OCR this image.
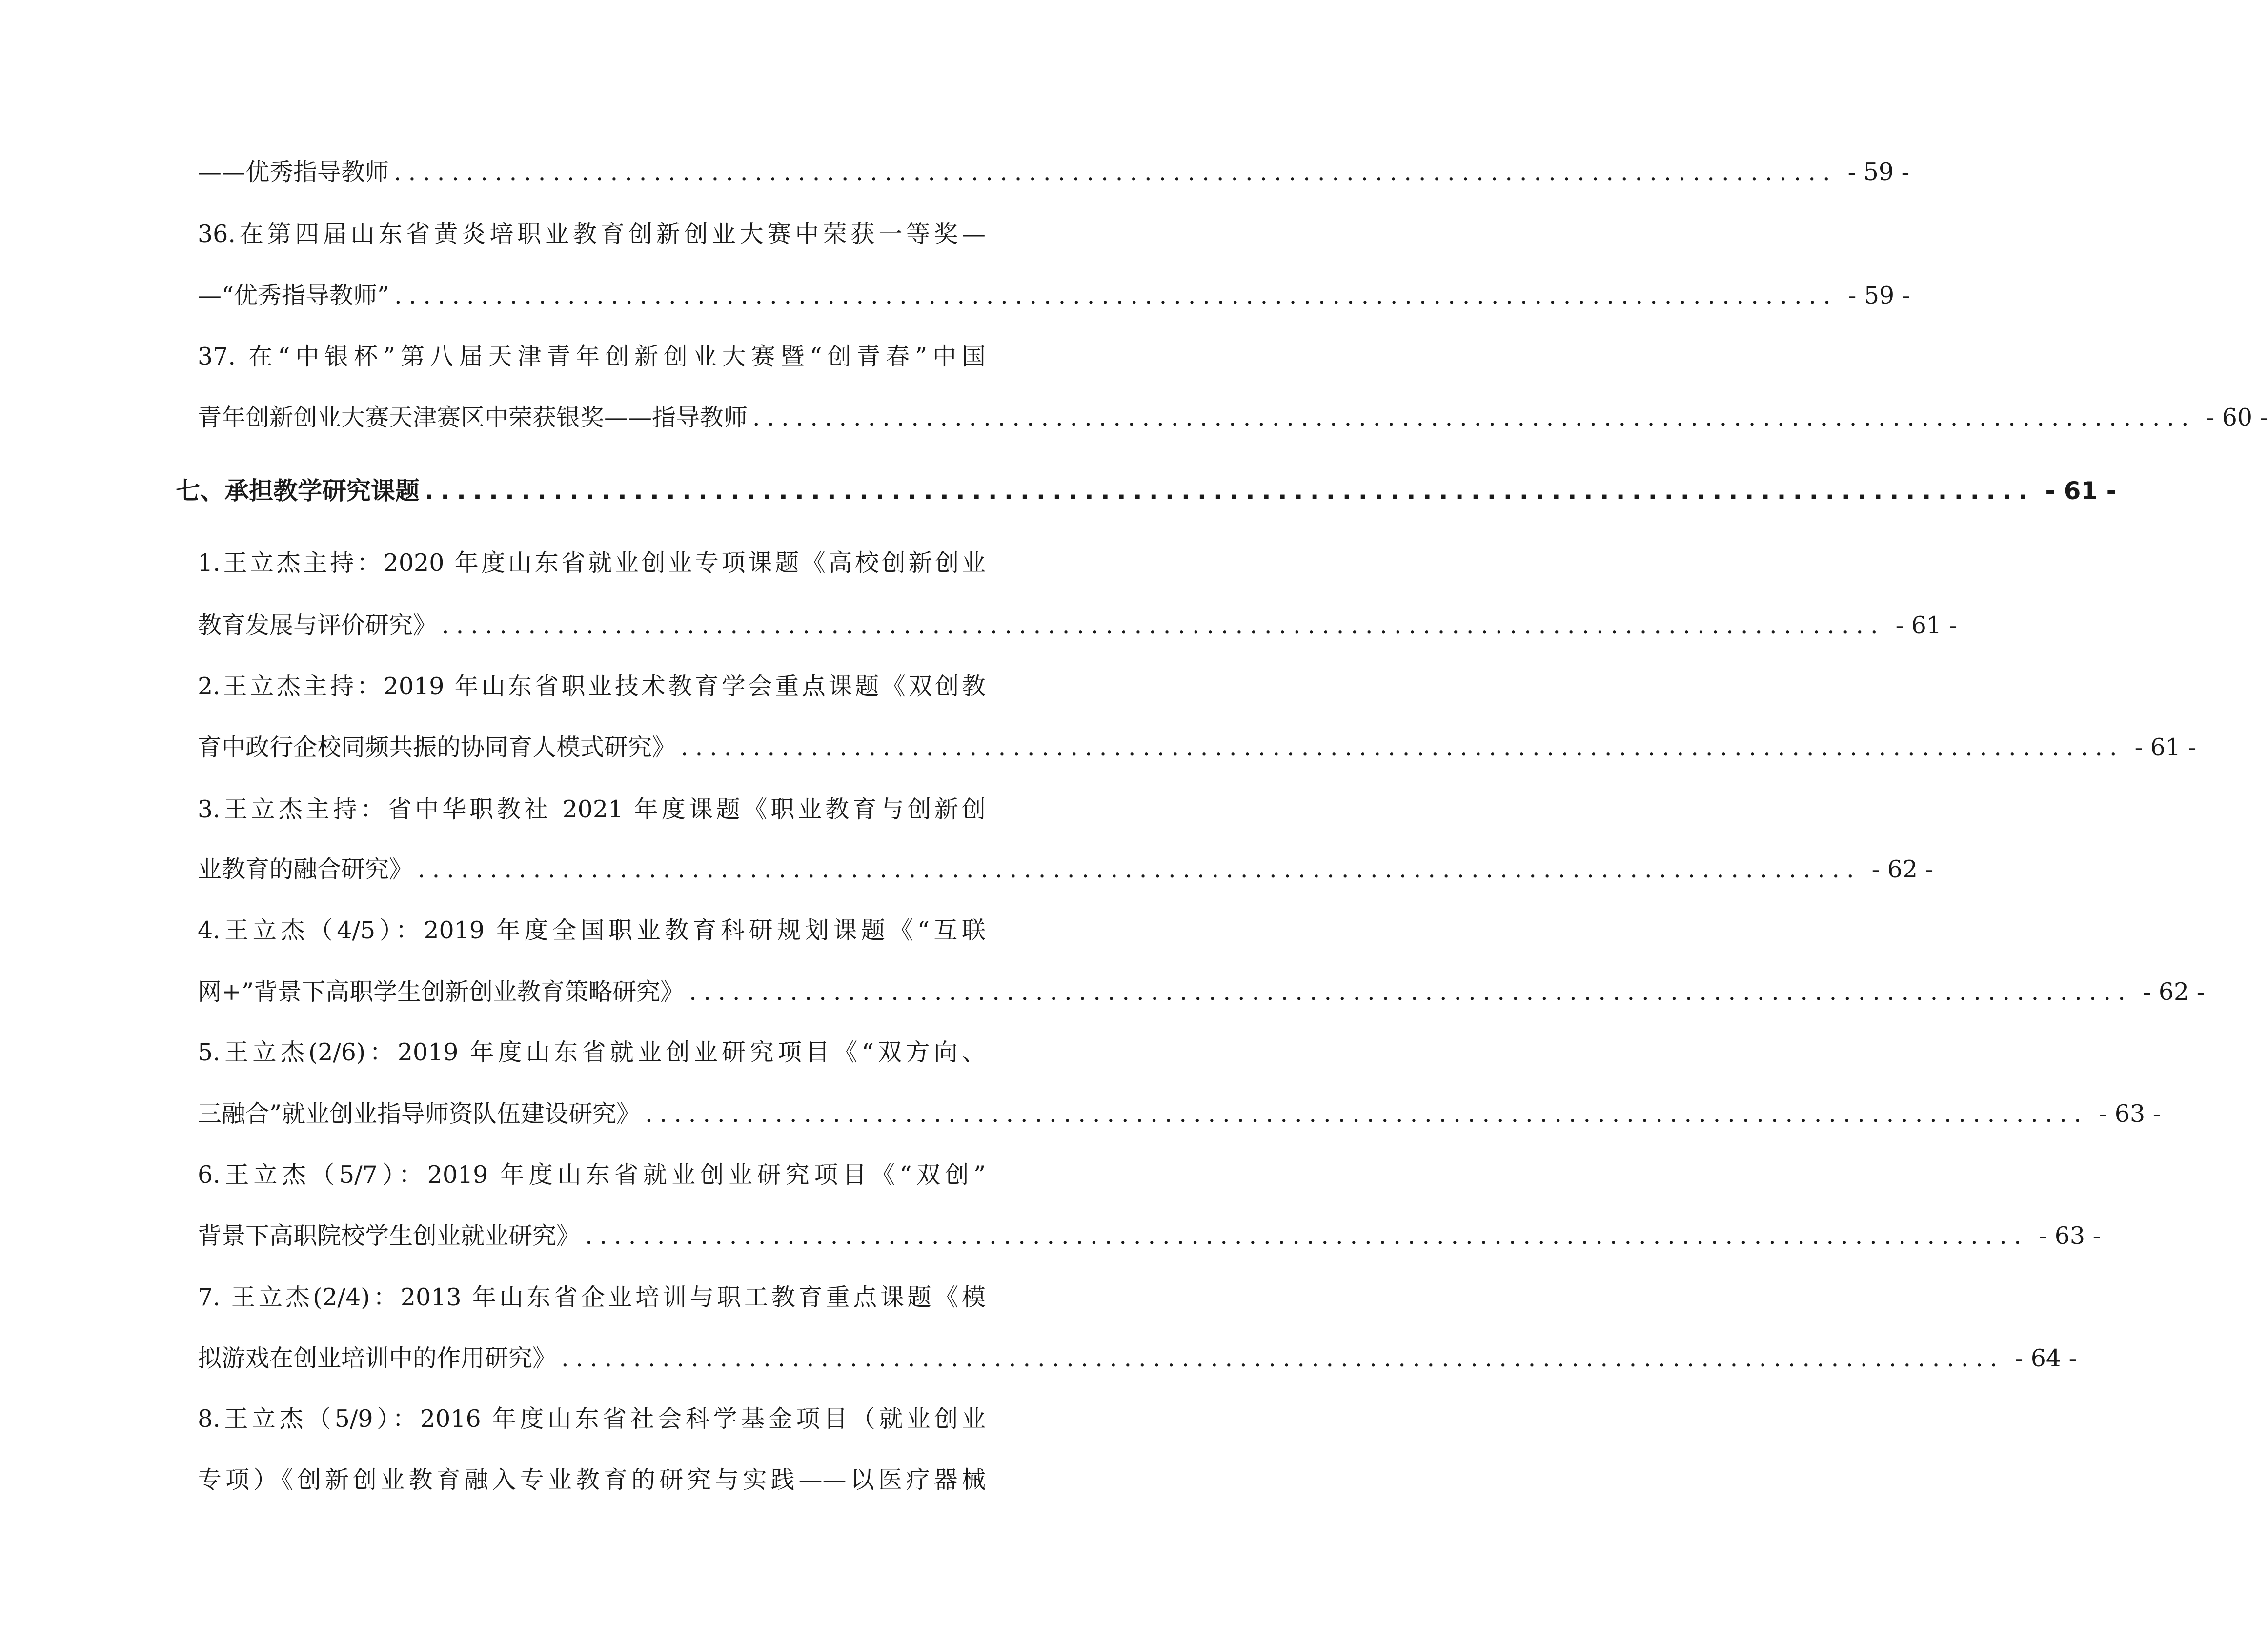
——优秀指导教师 .................................................................................................... - 59 -
36.在第四届山东省黄炎培职业教育创新创业大赛中荣获一等奖—
—“优秀指导教师” .................................................................................................... - 59 -
37. 在“中银杯”第八届天津青年创新创业大赛暨“创青春”中国
青年创新创业大赛天津赛区中荣获银奖——指导教师 .................................................................................................... - 60 -
七、承担教学研究课题 .................................................................................................... - 61 -
1.王立杰主持：2020 年度山东省就业创业专项课题《高校创新创业
教育发展与评价研究》 .................................................................................................... - 61 -
2.王立杰主持：2019 年山东省职业技术教育学会重点课题《双创教
育中政行企校同频共振的协同育人模式研究》 .................................................................................................... - 61 -
3.王立杰主持：省中华职教社 2021 年度课题《职业教育与创新创
业教育的融合研究》 .................................................................................................... - 62 -
4.王立杰（4/5）：2019 年度全国职业教育科研规划课题《“互联
网+”背景下高职学生创新创业教育策略研究》 .................................................................................................... - 62 -
5.王立杰(2/6)：2019 年度山东省就业创业研究项目《“双方向、
三融合”就业创业指导师资队伍建设研究》 .................................................................................................... - 63 -
6.王立杰（5/7）：2019 年度山东省就业创业研究项目《“双创”
背景下高职院校学生创业就业研究》 .................................................................................................... - 63 -
7. 王立杰(2/4)：2013 年山东省企业培训与职工教育重点课题《模
拟游戏在创业培训中的作用研究》 .................................................................................................... - 64 -
8.王立杰（5/9）：2016 年度山东省社会科学基金项目（就业创业
专项）《创新创业教育融入专业教育的研究与实践——以医疗器械
